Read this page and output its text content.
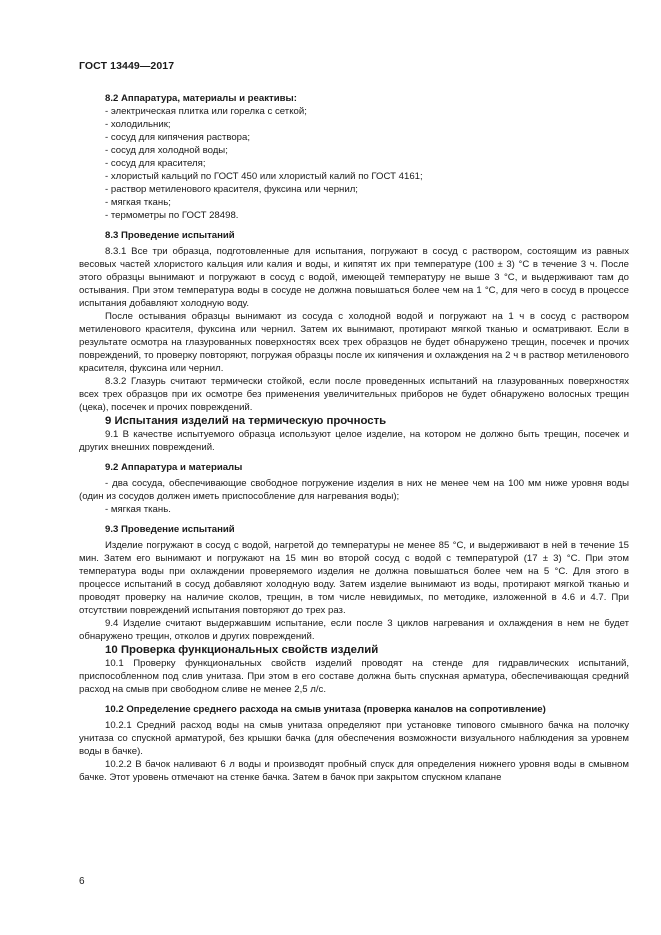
ГОСТ 13449—2017

8.2 Аппаратура, материалы и реактивы:

- электрическая плитка или горелка с сеткой;

- холодильник;

- сосуд для кипячения раствора;

- сосуд для холодной воды;

- сосуд для красителя;

- хлористый кальций по ГОСТ 450 или хлористый калий по ГОСТ 4161;

- раствор метиленового красителя, фуксина или чернил;

- мягкая ткань;

- термометры по ГОСТ 28498.

8.3 Проведение испытаний

8.3.1 Все три образца, подготовленные для испытания, погружают в сосуд с раствором, состоящим из равных весовых частей хлористого кальция или калия и воды, и кипятят их при температуре (100 ± 3) °С в течение 3 ч. После этого образцы вынимают и погружают в сосуд с водой, имеющей температуру не выше 3 °С, и выдерживают там до остывания. При этом температура воды в сосуде не должна повышаться более чем на 1 °С, для чего в сосуд в процессе испытания добавляют холодную воду.

После остывания образцы вынимают из сосуда с холодной водой и погружают на 1 ч в сосуд с раствором метиленового красителя, фуксина или чернил. Затем их вынимают, протирают мягкой тканью и осматривают. Если в результате осмотра на глазурованных поверхностях всех трех образцов не будет обнаружено трещин, посечек и прочих повреждений, то проверку повторяют, погружая образцы после их кипячения и охлаждения на 2 ч в раствор метиленового красителя, фуксина или чернил.

8.3.2 Глазурь считают термически стойкой, если после проведенных испытаний на глазурованных поверхностях всех трех образцов при их осмотре без применения увеличительных приборов не будет обнаружено волосных трещин (цека), посечек и прочих повреждений.

9 Испытания изделий на термическую прочность

9.1 В качестве испытуемого образца используют целое изделие, на котором не должно быть трещин, посечек и других внешних повреждений.

9.2 Аппаратура и материалы

- два сосуда, обеспечивающие свободное погружение изделия в них не менее чем на 100 мм ниже уровня воды (один из сосудов должен иметь приспособление для нагревания воды);

- мягкая ткань.

9.3 Проведение испытаний

Изделие погружают в сосуд с водой, нагретой до температуры не менее 85 °С, и выдерживают в ней в течение 15 мин. Затем его вынимают и погружают на 15 мин во второй сосуд с водой с температурой (17 ± 3) °С. При этом температура воды при охлаждении проверяемого изделия не должна повышаться более чем на 5 °С. Для этого в процессе испытаний в сосуд добавляют холодную воду. Затем изделие вынимают из воды, протирают мягкой тканью и проводят проверку на наличие сколов, трещин, в том числе невидимых, по методике, изложенной в 4.6 и 4.7. При отсутствии повреждений испытания повторяют до трех раз.

9.4 Изделие считают выдержавшим испытание, если после 3 циклов нагревания и охлаждения в нем не будет обнаружено трещин, отколов и других повреждений.

10 Проверка функциональных свойств изделий

10.1 Проверку функциональных свойств изделий проводят на стенде для гидравлических испытаний, приспособленном под слив унитаза. При этом в его составе должна быть спускная арматура, обеспечивающая средний расход на смыв при свободном сливе не менее 2,5 л/с.

10.2 Определение среднего расхода на смыв унитаза (проверка каналов на сопротивление)

10.2.1 Средний расход воды на смыв унитаза определяют при установке типового смывного бачка на полочку унитаза со спускной арматурой, без крышки бачка (для обеспечения возможности визуального наблюдения за уровнем воды в бачке).

10.2.2 В бачок наливают 6 л воды и производят пробный спуск для определения нижнего уровня воды в смывном бачке. Этот уровень отмечают на стенке бачка. Затем в бачок при закрытом спускном клапане

6
